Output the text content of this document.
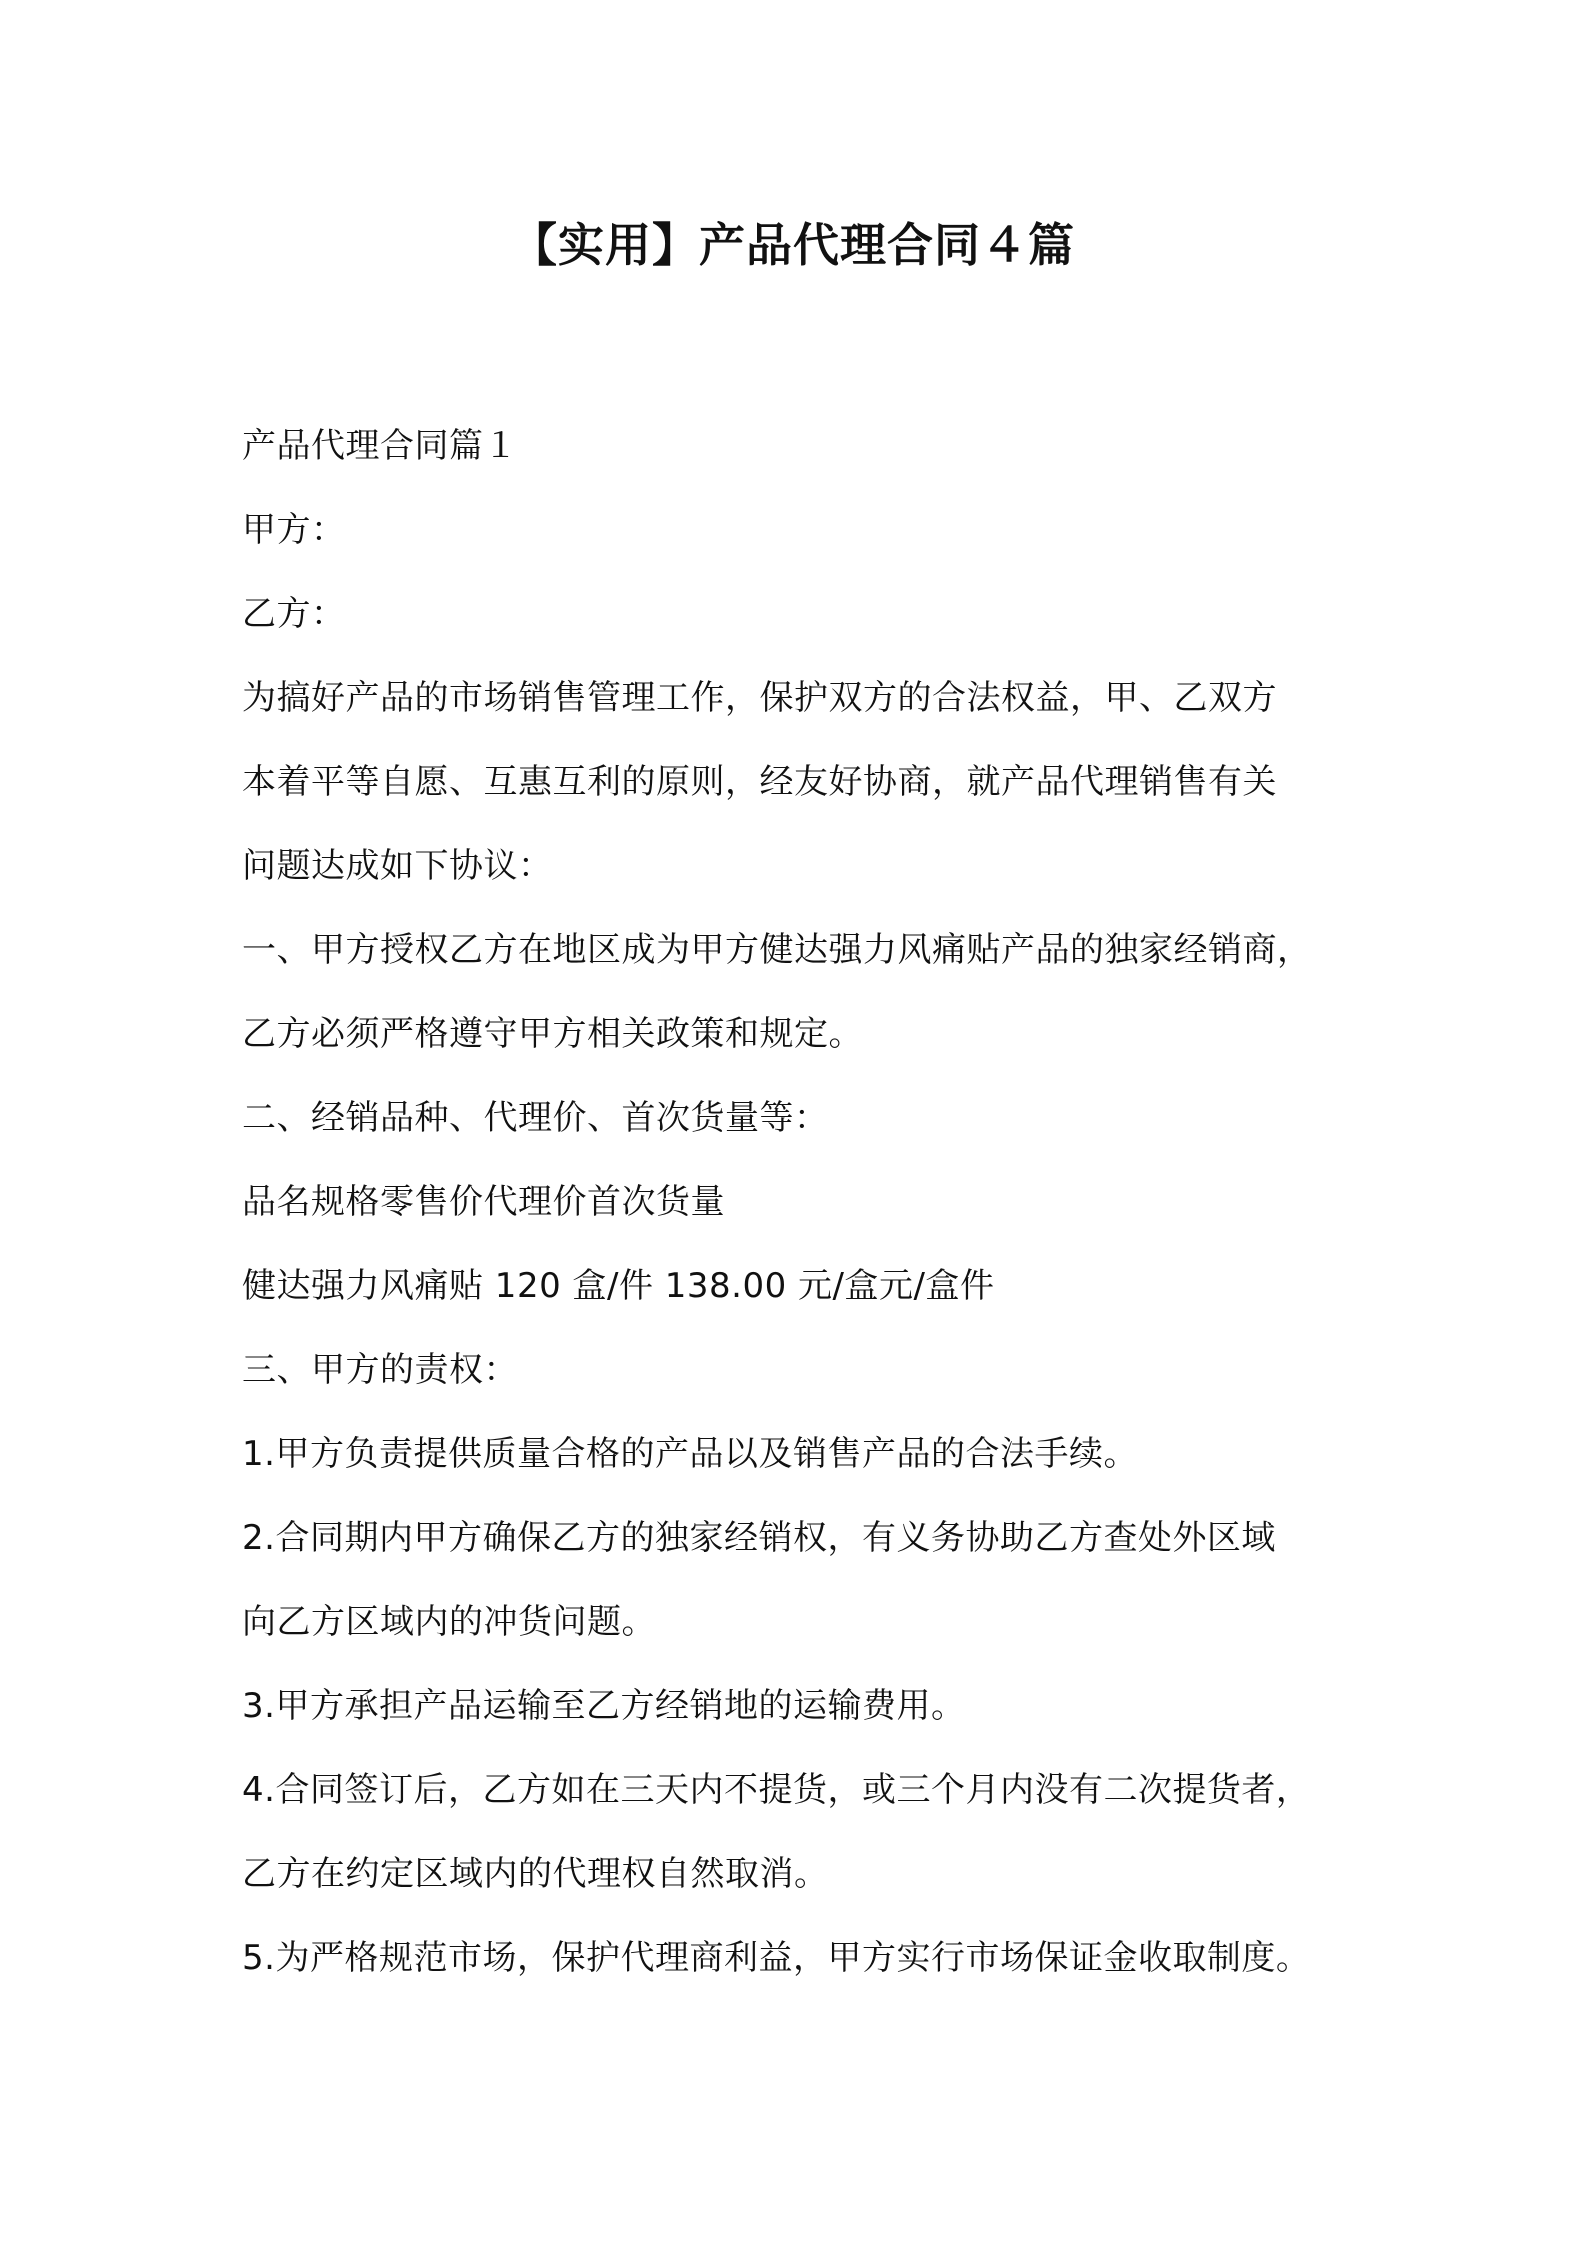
【实用】产品代理合同４篇
产品代理合同篇１
甲方：
乙方：
为搞好产品的市场销售管理工作，保护双方的合法权益，甲、乙双方
本着平等自愿、互惠互利的原则，经友好协商，就产品代理销售有关
问题达成如下协议：
一、甲方授权乙方在地区成为甲方健达强力风痛贴产品的独家经销商，
乙方必须严格遵守甲方相关政策和规定。
二、经销品种、代理价、首次货量等：
品名规格零售价代理价首次货量
健达强力风痛贴 120 盒/件 138.00 元/盒元/盒件
三、甲方的责权：
1.甲方负责提供质量合格的产品以及销售产品的合法手续。
2.合同期内甲方确保乙方的独家经销权，有义务协助乙方查处外区域
向乙方区域内的冲货问题。
3.甲方承担产品运输至乙方经销地的运输费用。
4.合同签订后，乙方如在三天内不提货，或三个月内没有二次提货者，
乙方在约定区域内的代理权自然取消。
5.为严格规范市场，保护代理商利益，甲方实行市场保证金收取制度。
